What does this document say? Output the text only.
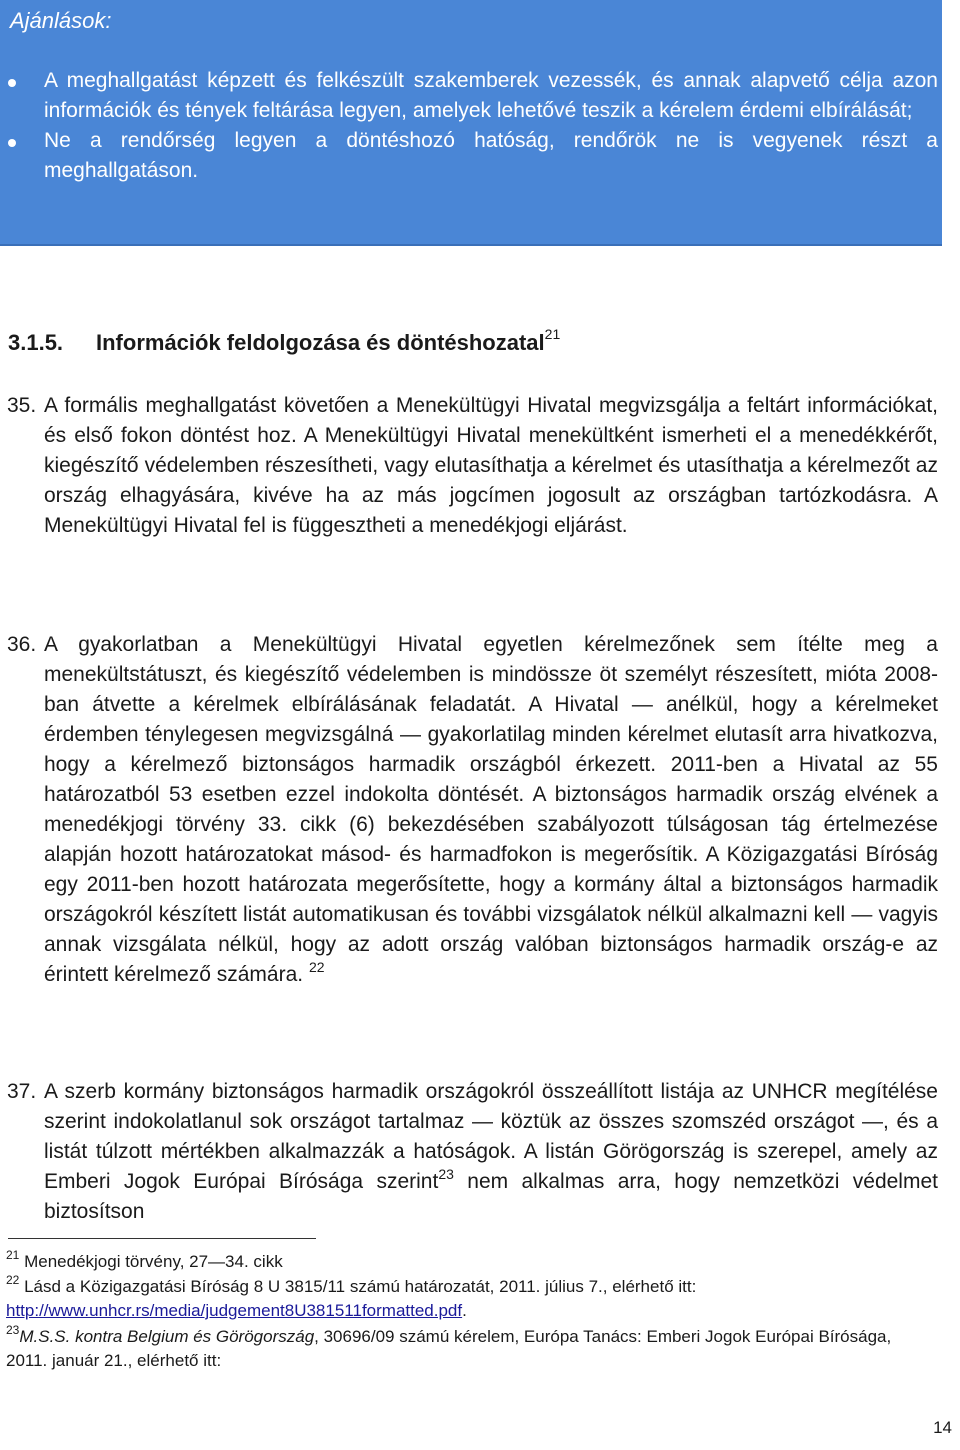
Ajánlások:
A meghallgatást képzett és felkészült szakemberek vezessék, és annak alapvető célja azon információk és tények feltárása legyen, amelyek lehetővé teszik a kérelem érdemi elbírálását;
Ne a rendőrség legyen a döntéshozó hatóság, rendőrök ne is vegyenek részt a meghallgatáson.
3.1.5. Információk feldolgozása és döntéshozatal$^{21}$

35. A formális meghallgatást követően a Menekültügyi Hivatal megvizsgálja a feltárt információkat, és első fokon döntést hoz. A Menekültügyi Hivatal menekültként ismerheti el a menedékkérőt, kiegészítő védelemben részesítheti, vagy elutasíthatja a kérelmet és utasíthatja a kérelmezőt az ország elhagyására, kivéve ha az más jogcímen jogosult az országban tartózkodásra. A Menekültügyi Hivatal fel is függesztheti a menedékjogi eljárást.

36. A gyakorlatban a Menekültügyi Hivatal egyetlen kérelmezőnek sem ítélte meg a menekültstátuszt, és kiegészítő védelemben is mindössze öt személyt részesített, mióta 2008-ban átvette a kérelmek elbírálásának feladatát. A Hivatal — anélkül, hogy a kérelmeket érdemben ténylegesen megvizsgálná — gyakorlatilag minden kérelmet elutasít arra hivatkozva, hogy a kérelmező biztonságos harmadik országból érkezett. 2011-ben a Hivatal az 55 határozatból 53 esetben ezzel indokolta döntését. A biztonságos harmadik ország elvének a menedékjogi törvény 33. cikk (6) bekezdésében szabályozott túlságosan tág értelmezése alapján hozott határozatokat másod- és harmadfokon is megerősítik. A Közigazgatási Bíróság egy 2011-ben hozott határozata megerősítette, hogy a kormány által a biztonságos harmadik országokról készített listát automatikusan és további vizsgálatok nélkül alkalmazni kell — vagyis annak vizsgálata nélkül, hogy az adott ország valóban biztonságos harmadik ország-e az érintett kérelmező számára. $^{22}$

37. A szerb kormány biztonságos harmadik országokról összeállított listája az UNHCR megítélése szerint indokolatlanul sok országot tartalmaz — köztük az összes szomszéd országot —, és a listát túlzott mértékben alkalmazzák a hatóságok. A listán Görögország is szerepel, amely az Emberi Jogok Európai Bírósága szerint$^{23}$ nem alkalmas arra, hogy nemzetközi védelmet biztosítson

$^{21}$ Menedékjogi törvény, 27—34. cikk

$^{22}$ Lásd a Közigazgatási Bíróság 8 U 3815/11 számú határozatát, 2011. július 7., elérhető itt: http://www.unhcr.rs/media/judgement8U381511formatted.pdf.

$^{23}$M.S.S. kontra Belgium és Görögország, 30696/09 számú kérelem, Európa Tanács: Emberi Jogok Európai Bírósága, 2011. január 21., elérhető itt:

14
